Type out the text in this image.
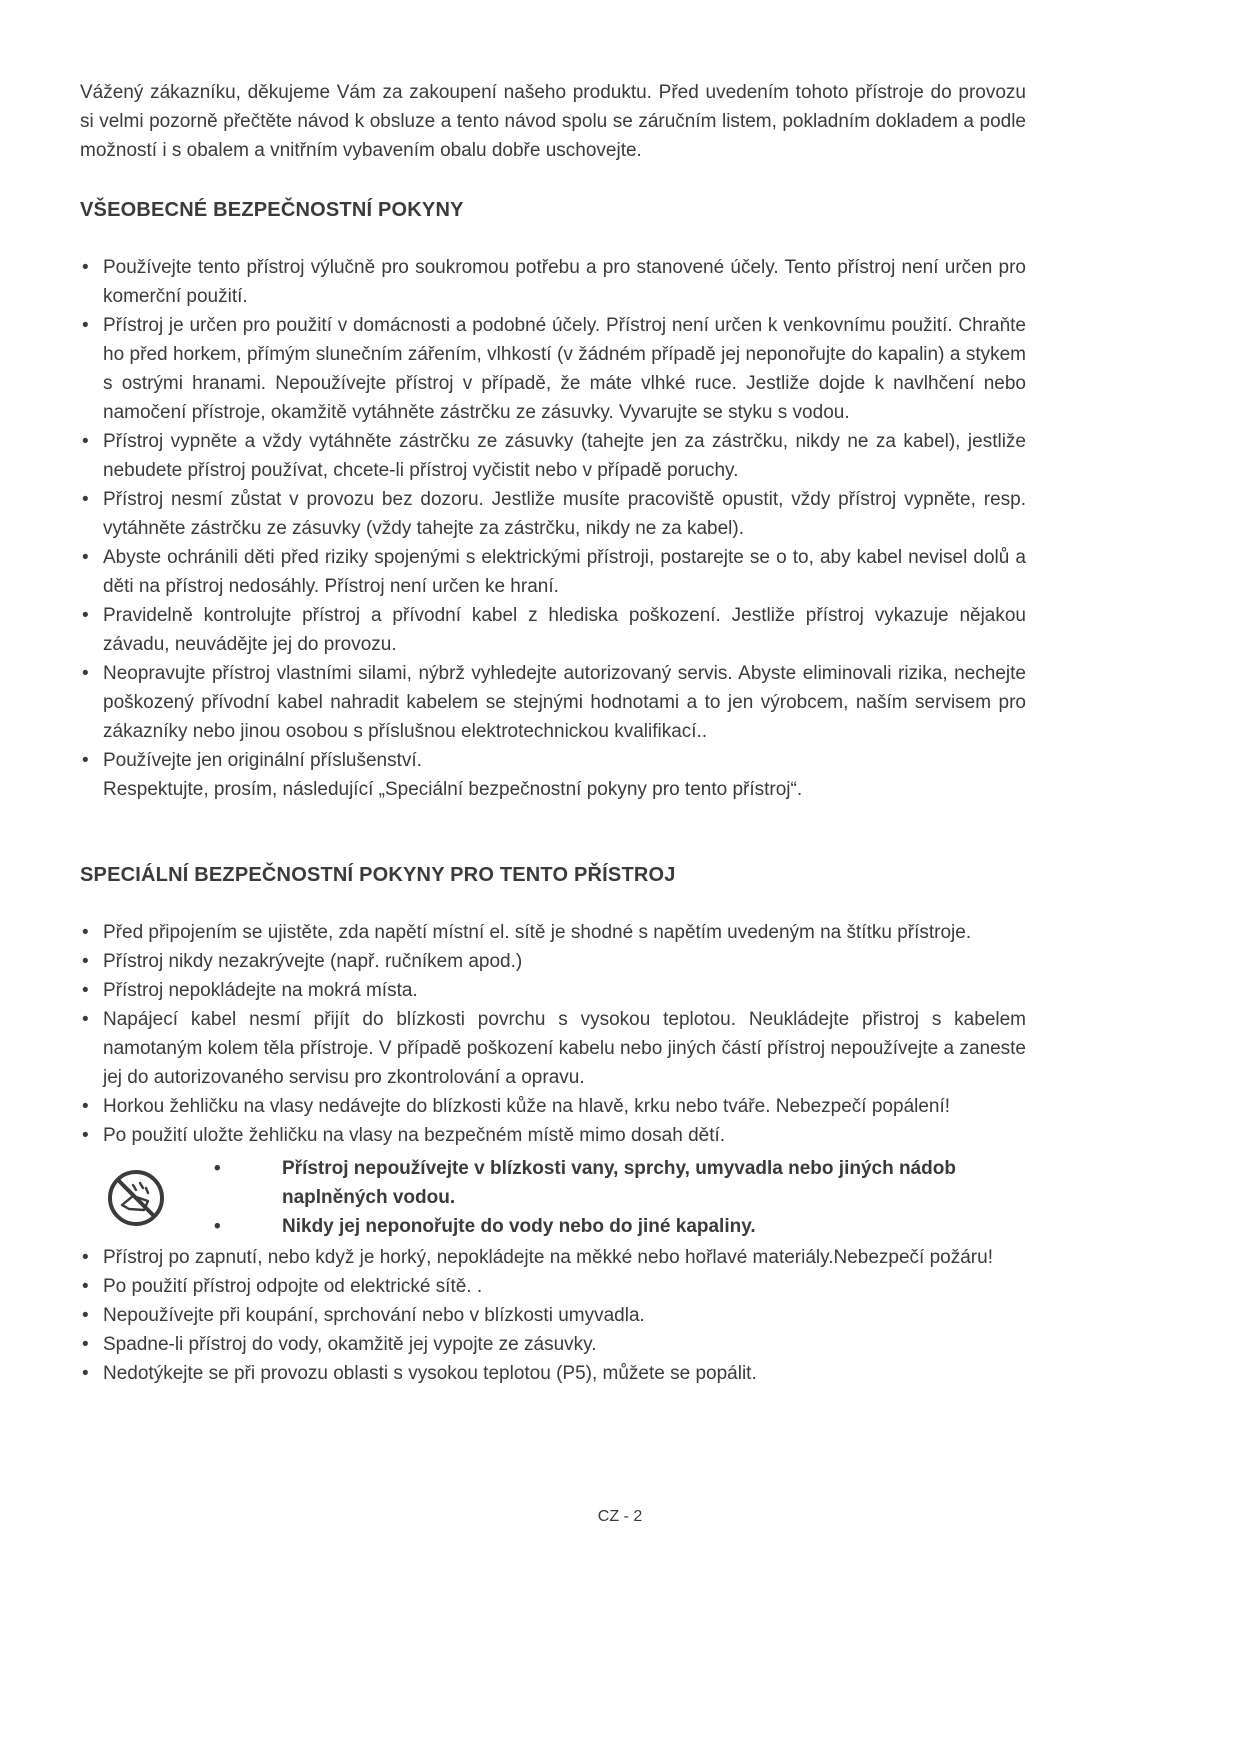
Vážený zákazníku, děkujeme Vám za zakoupení našeho produktu. Před uvedením tohoto přístroje do provozu si velmi pozorně přečtěte návod k obsluze a tento návod spolu se záručním listem, pokladním dokladem a podle možností i s obalem a vnitřním vybavením obalu dobře uschovejte.

VŠEOBECNÉ BEZPEČNOSTNÍ POKYNY
• Používejte tento přístroj výlučně pro soukromou potřebu a pro stanovené účely. Tento přístroj není určen pro komerční použití.
• Přístroj je určen pro použití v domácnosti a podobné účely. Přístroj není určen k venkovnímu použití. Chraňte ho před horkem, přímým slunečním zářením, vlhkostí (v žádném případě jej neponořujte do kapalin) a stykem s ostrými hranami. Nepoužívejte přístroj v případě, že máte vlhké ruce. Jestliže dojde k navlhčení nebo namočení přístroje, okamžitě vytáhněte zástrčku ze zásuvky. Vyvarujte se styku s vodou.
• Přístroj vypněte a vždy vytáhněte zástrčku ze zásuvky (tahejte jen za zástrčku, nikdy ne za kabel), jestliže nebudete přístroj používat, chcete-li přístroj vyčistit nebo v případě poruchy.
• Přístroj nesmí zůstat v provozu bez dozoru. Jestliže musíte pracoviště opustit, vždy přístroj vypněte, resp. vytáhněte zástrčku ze zásuvky (vždy tahejte za zástrčku, nikdy ne za kabel).
• Abyste ochránili děti před riziky spojenými s elektrickými přístroji, postarejte se o to, aby kabel nevisel dolů a děti na přístroj nedosáhly. Přístroj není určen ke hraní.
• Pravidelně kontrolujte přístroj a přívodní kabel z hlediska poškození. Jestliže přístroj vykazuje nějakou závadu, neuvádějte jej do provozu.
• Neopravujte přístroj vlastními silami, nýbrž vyhledejte autorizovaný servis. Abyste eliminovali rizika, nechejte poškozený přívodní kabel nahradit kabelem se stejnými hodnotami a to jen výrobcem, naším servisem pro zákazníky nebo jinou osobou s příslušnou elektrotechnickou kvalifikací..
• Používejte jen originální příslušenství.
Respektujte, prosím, následující „Speciální bezpečnostní pokyny pro tento přístroj“.
SPECIÁLNÍ BEZPEČNOSTNÍ POKYNY PRO TENTO PŘÍSTROJ
• Před připojením se ujistěte, zda napětí místní el. sítě je shodné s napětím uvedeným na štítku přístroje.
• Přístroj nikdy nezakrývejte (např. ručníkem apod.)
• Přístroj nepokládejte na mokrá místa.
• Napájecí kabel nesmí přijít do blízkosti povrchu s vysokou teplotou. Neukládejte přistroj s kabelem namotaným kolem těla přístroje. V případě poškození kabelu nebo jiných částí přístroj nepoužívejte a zaneste jej do autorizovaného servisu pro zkontrolování a opravu.
• Horkou žehličku na vlasy nedávejte do blízkosti kůže na hlavě, krku nebo tváře. Nebezpečí popálení!
• Po použití uložte žehličku na vlasy na bezpečném místě mimo dosah dětí.
• Přístroj nepoužívejte v blízkosti vany, sprchy, umyvadla nebo jiných nádob naplněných vodou.
• Nikdy jej neponořujte do vody nebo do jiné kapaliny.
• Přístroj po zapnutí, nebo když je horký, nepokládejte na měkké nebo hořlavé materiály.Nebezpečí požáru!
• Po použití přístroj odpojte od elektrické sítě. .
• Nepoužívejte při koupání, sprchování nebo v blízkosti umyvadla.
• Spadne-li přístroj do vody, okamžitě jej vypojte ze zásuvky.
• Nedotýkejte se při provozu oblasti s vysokou teplotou (P5), můžete se popálit.
CZ - 2
